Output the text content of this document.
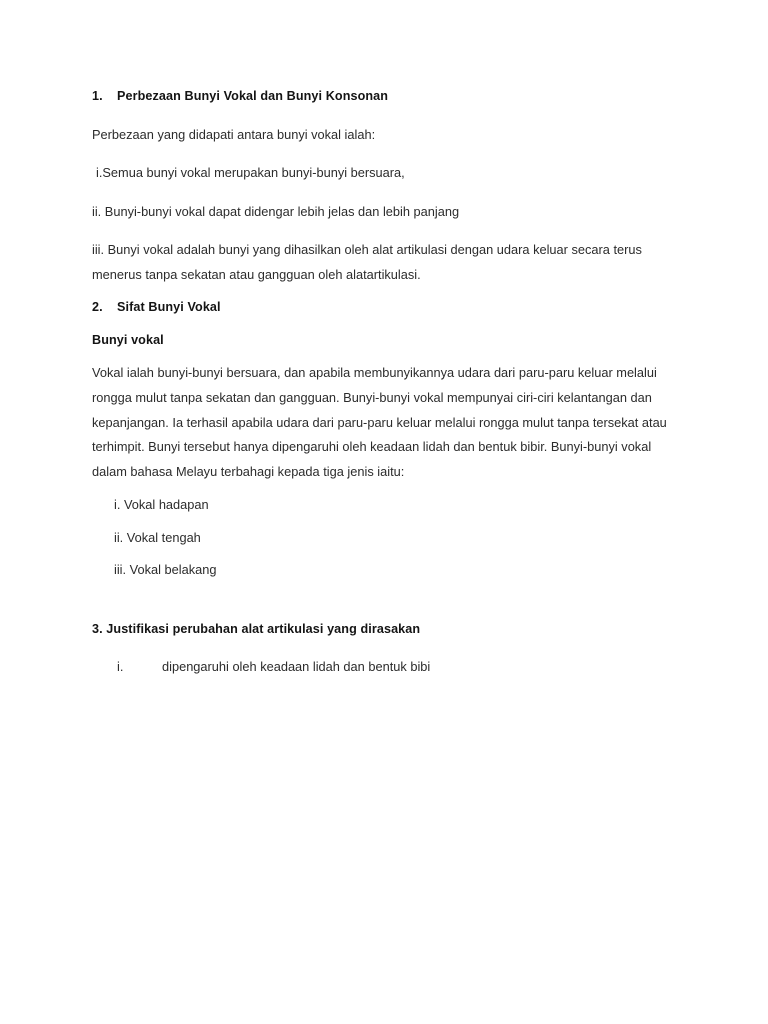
1.	Perbezaan Bunyi Vokal dan Bunyi Konsonan

Perbezaan yang didapati antara bunyi vokal ialah:

i.Semua bunyi vokal merupakan bunyi-bunyi bersuara,

ii. Bunyi-bunyi vokal dapat didengar lebih jelas dan lebih panjang

iii. Bunyi vokal adalah bunyi yang dihasilkan oleh alat artikulasi dengan udara keluar secara terus menerus tanpa sekatan atau gangguan oleh alatartikulasi.

2.	Sifat Bunyi Vokal
Bunyi vokal

Vokal ialah bunyi-bunyi bersuara, dan apabila membunyikannya udara dari paru-paru keluar melalui rongga mulut tanpa sekatan dan gangguan. Bunyi-bunyi vokal mempunyai ciri-ciri kelantangan dan kepanjangan. Ia terhasil apabila udara dari paru-paru keluar melalui rongga mulut tanpa tersekat atau terhimpit. Bunyi tersebut hanya dipengaruhi oleh keadaan lidah dan bentuk bibir. Bunyi-bunyi vokal dalam bahasa Melayu terbahagi kepada tiga jenis iaitu:

i. Vokal hadapan

ii. Vokal tengah

iii. Vokal belakang

3. Justifikasi perubahan alat artikulasi yang dirasakan
i.	dipengaruhi oleh keadaan lidah dan bentuk bibi
